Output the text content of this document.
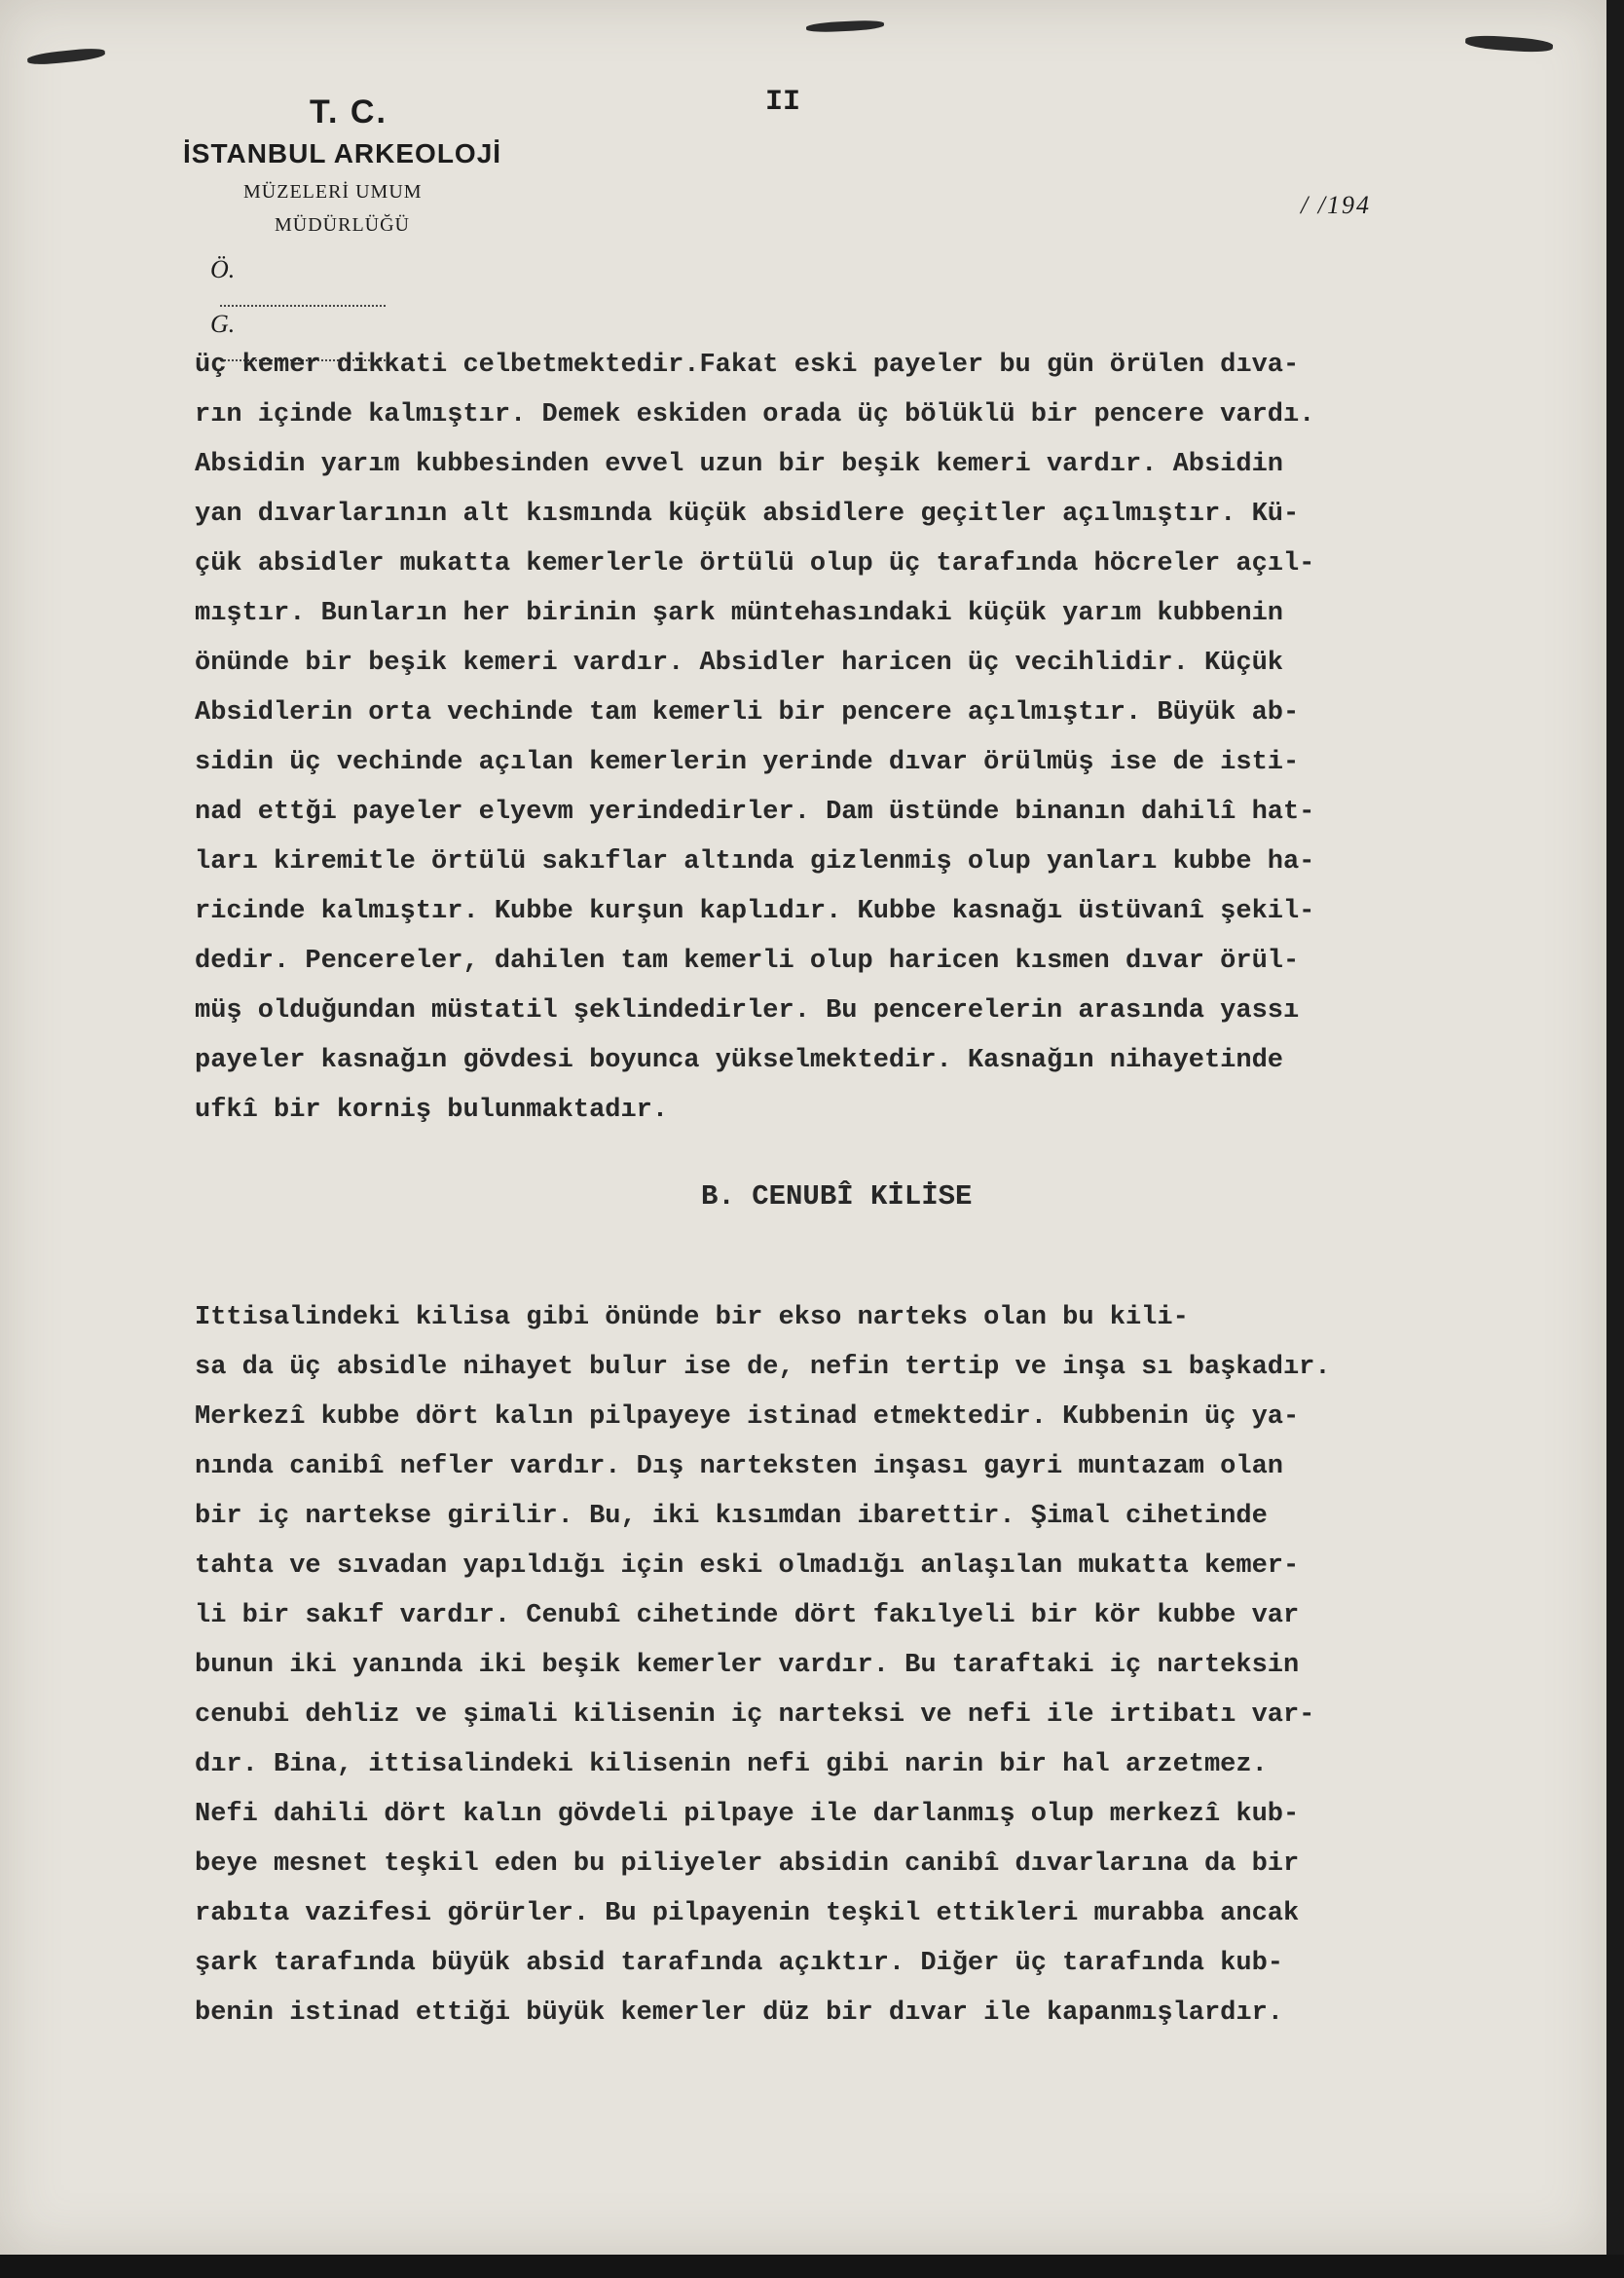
T. C.
İSTANBUL ARKEOLOJİ
MÜZELERİ UMUM
MÜDÜRLÜĞÜ
II
/ /194
Ö.
G.
üç kemer dikkati celbetmektedir.Fakat eski payeler bu gün örülen dıva-
rın içinde kalmıştır. Demek eskiden orada üç bölüklü bir pencere vardı.
Absidin yarım kubbesinden evvel uzun bir beşik kemeri vardır. Absidin
yan dıvarlarının alt kısmında küçük absidlere geçitler açılmıştır. Kü-
çük absidler mukatta kemerlerle örtülü olup üç tarafında höcreler açıl-
mıştır. Bunların her birinin şark müntehasındaki küçük yarım kubbenin
önünde bir beşik kemeri vardır. Absidler haricen üç vecihlidir. Küçük
Absidlerin orta vechinde tam kemerli bir pencere açılmıştır. Büyük ab-
sidin üç vechinde açılan kemerlerin yerinde dıvar örülmüş ise de isti-
nad ettği payeler elyevm yerindedirler. Dam üstünde binanın dahilî hat-
ları kiremitle örtülü sakıflar altında gizlenmiş olup yanları kubbe ha-
ricinde kalmıştır. Kubbe kurşun kaplıdır. Kubbe kasnağı üstüvanî şekil-
dedir. Pencereler, dahilen tam kemerli olup haricen kısmen dıvar örül-
müş olduğundan müstatil şeklindedirler. Bu pencerelerin arasında yassı
payeler kasnağın gövdesi boyunca yükselmektedir. Kasnağın nihayetinde
ufkî bir korniş bulunmaktadır.
B. CENUBÎ KİLİSE
Ittisalindeki kilisa gibi önünde bir ekso narteks olan bu kili-
sa da üç absidle nihayet bulur ise de, nefin tertip ve inşa sı başkadır.
Merkezî kubbe dört kalın pilpayeye istinad etmektedir. Kubbenin üç ya-
nında canibî nefler vardır. Dış narteksten inşası gayri muntazam olan
bir iç narteksе girilir. Bu, iki kısımdan ibarettir. Şimal cihetinde
tahta ve sıvadan yapıldığı için eski olmadığı anlaşılan mukatta kemer-
li bir sakıf vardır. Cenubî cihetinde dört fakılyeli bir kör kubbe var
bunun iki yanında iki beşik kemerler vardır. Bu taraftaki iç narteksin
cenubi dehliz ve şimali kilisenin iç narteksi ve nefi ile irtibatı var-
dır. Bina, ittisalindeki kilisenin nefi gibi narin bir hal arzetmez.
Nefi dahili dört kalın gövdeli pilpaye ile darlanmış olup merkezî kub-
beye mesnet teşkil eden bu piliyeler absidin canibî dıvarlarına da bir
rabıta vazifesi görürler. Bu pilpayenin teşkil ettikleri murabba ancak
şark tarafında büyük absid tarafında açıktır. Diğer üç tarafında kub-
benin istinad ettiği büyük kemerler düz bir dıvar ile kapanmışlardır.
